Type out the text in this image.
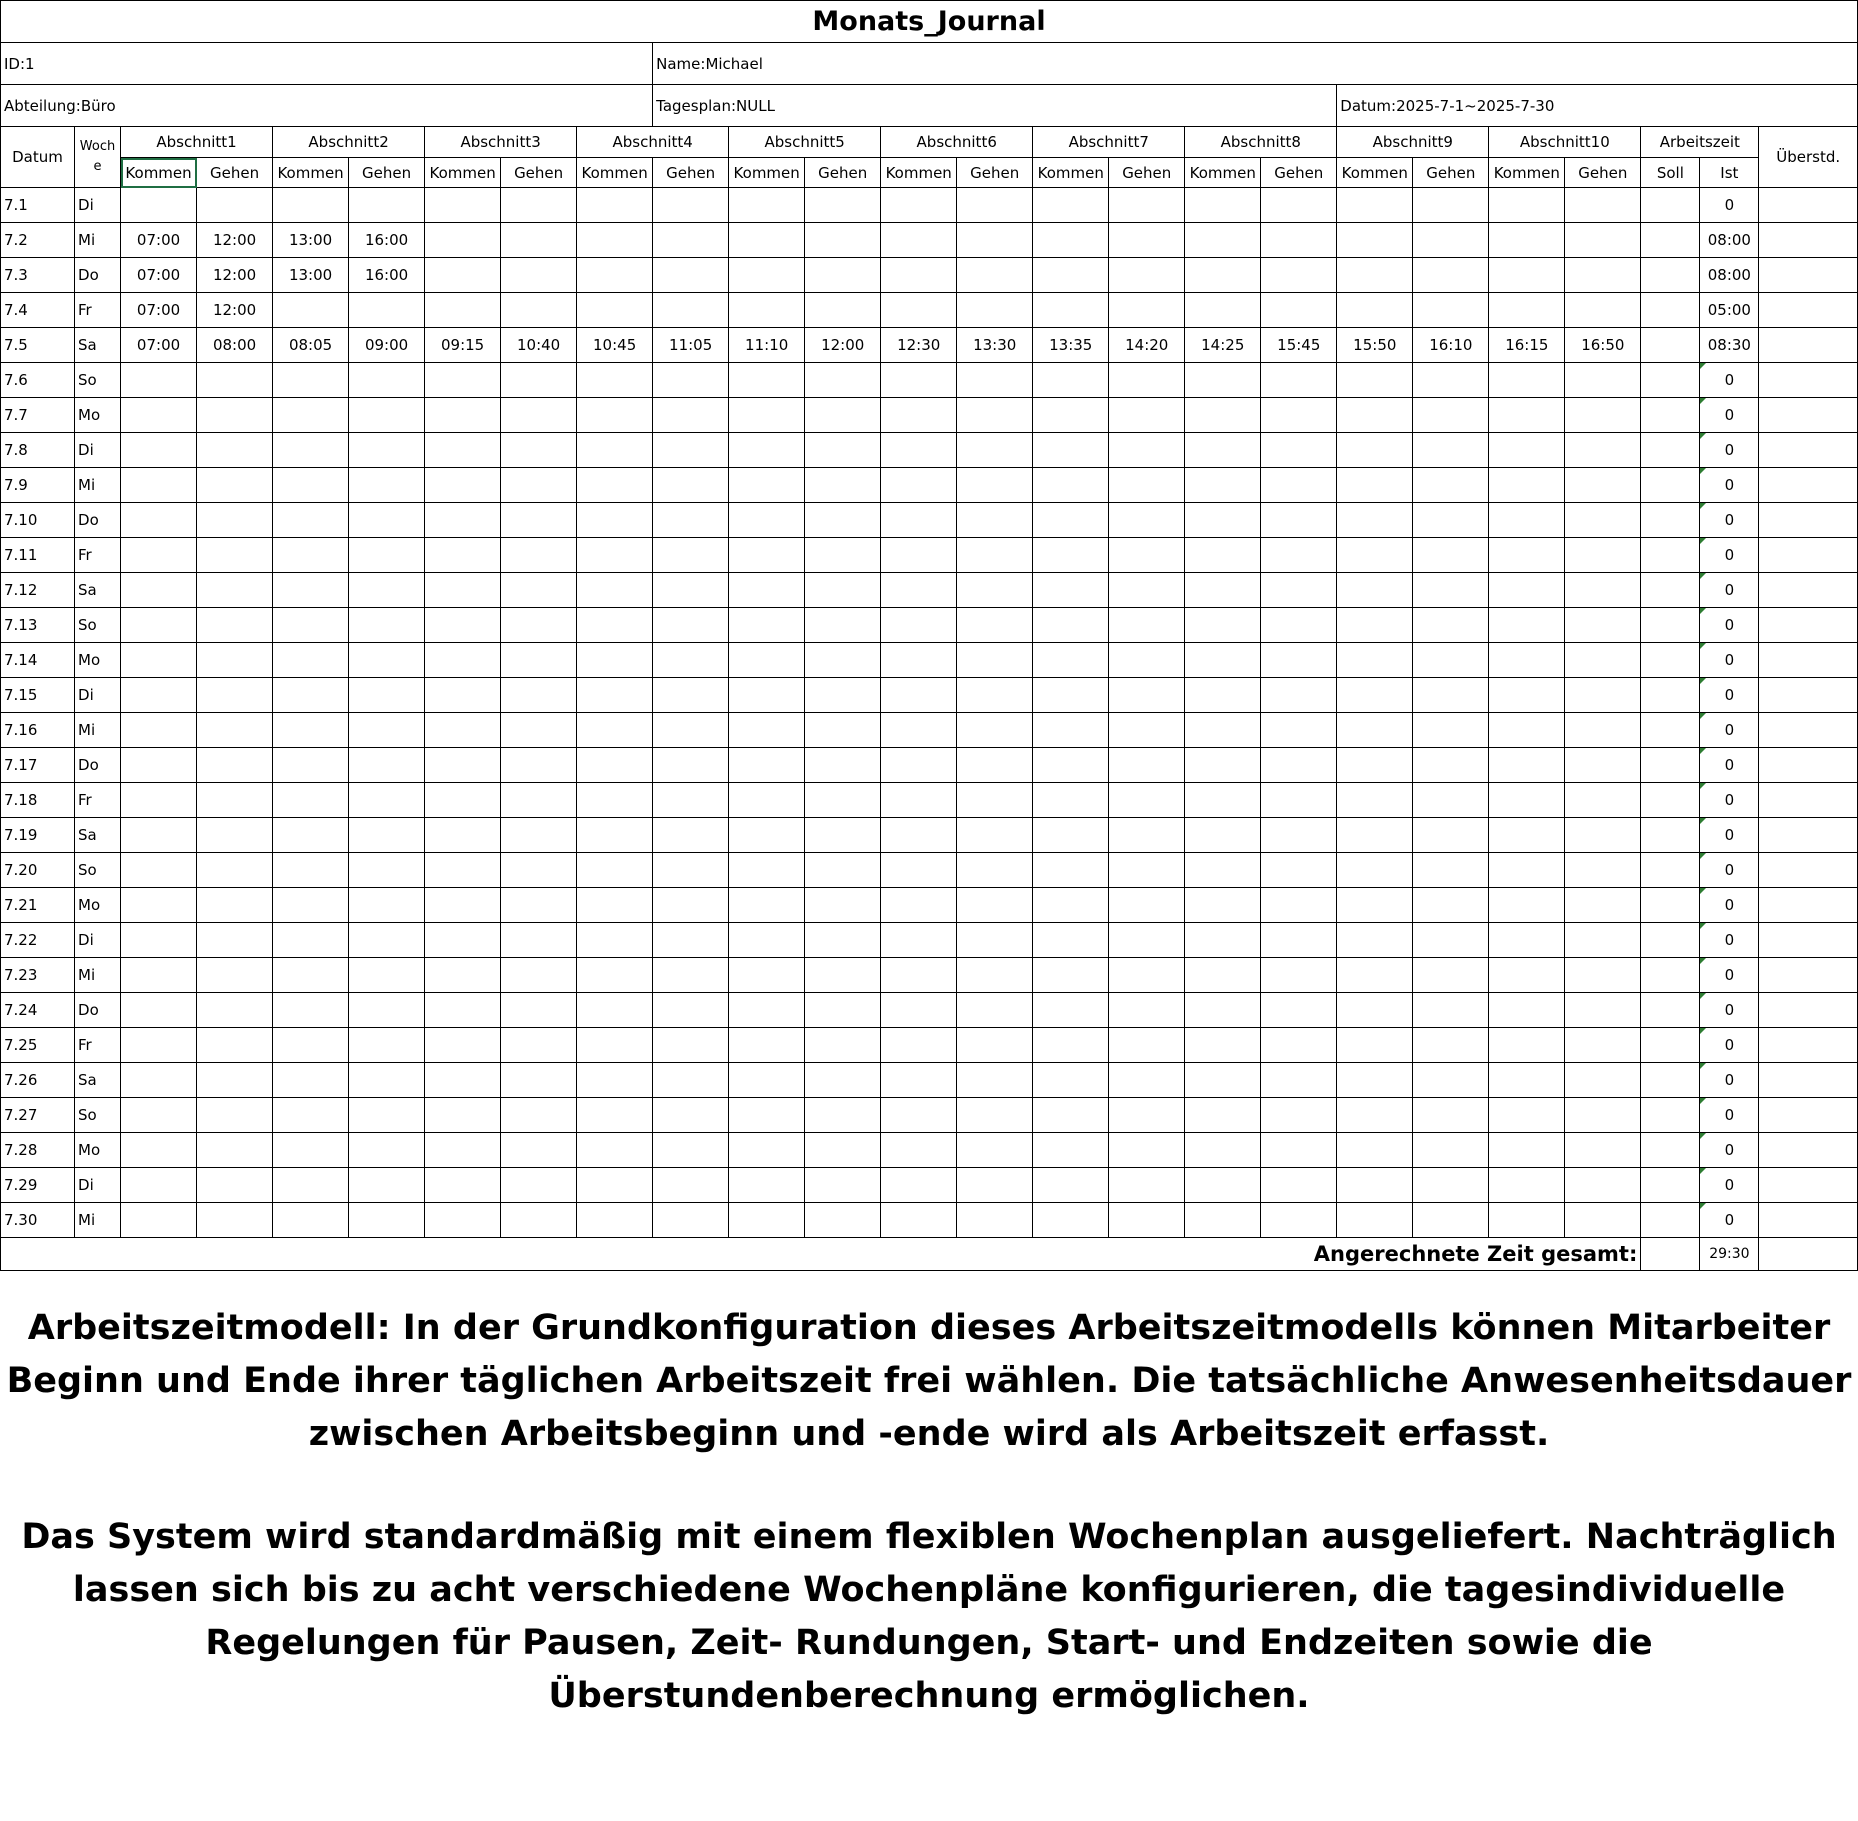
Monats_Journal																								
ID:1									Name:Michael															
Abteilung:Büro									Tagesplan:NULL									Datum:2025-7-1~2025-7-30						
Datum	Woch e	Abschnitt1		Abschnitt2		Abschnitt3		Abschnitt4		Abschnitt5		Abschnitt6		Abschnitt7		Abschnitt8		Abschnitt9		Abschnitt10		Arbeitszeit		Überstd.
		Kommen	Gehen	Kommen	Gehen	Kommen	Gehen	Kommen	Gehen	Kommen	Gehen	Kommen	Gehen	Kommen	Gehen	Kommen	Gehen	Kommen	Gehen	Kommen	Gehen	Soll	Ist	
7.1	Di																						0	
7.2	Mi	07:00	12:00	13:00	16:00																		08:00	
7.3	Do	07:00	12:00	13:00	16:00																		08:00	
7.4	Fr	07:00	12:00																				05:00	
7.5	Sa	07:00	08:00	08:05	09:00	09:15	10:40	10:45	11:05	11:10	12:00	12:30	13:30	13:35	14:20	14:25	15:45	15:50	16:10	16:15	16:50		08:30	
7.6	So																						0	
7.7	Mo																						0	
7.8	Di																						0	
7.9	Mi																						0	
7.10	Do																						0	
7.11	Fr																						0	
7.12	Sa																						0	
7.13	So																						0	
7.14	Mo																						0	
7.15	Di																						0	
7.16	Mi																						0	
7.17	Do																						0	
7.18	Fr																						0	
7.19	Sa																						0	
7.20	So																						0	
7.21	Mo																						0	
7.22	Di																						0	
7.23	Mi																						0	
7.24	Do																						0	
7.25	Fr																						0	
7.26	Sa																						0	
7.27	So																						0	
7.28	Mo																						0	
7.29	Di																						0	
7.30	Mi																						0	
Angerechnete Zeit gesamt:																							29:30	

Arbeitszeitmodell: In der Grundkonfiguration dieses Arbeitszeitmodells können Mitarbeiter Beginn und Ende ihrer täglichen Arbeitszeit frei wählen. Die tatsächliche Anwesenheitsdauer zwischen Arbeitsbeginn und -ende wird als Arbeitszeit erfasst.

Das System wird standardmäßig mit einem flexiblen Wochenplan ausgeliefert. Nachträglich lassen sich bis zu acht verschiedene Wochenpläne konfigurieren, die tagesindividuelle Regelungen für Pausen, Zeit- Rundungen, Start- und Endzeiten sowie die Überstundenberechnung ermöglichen.
